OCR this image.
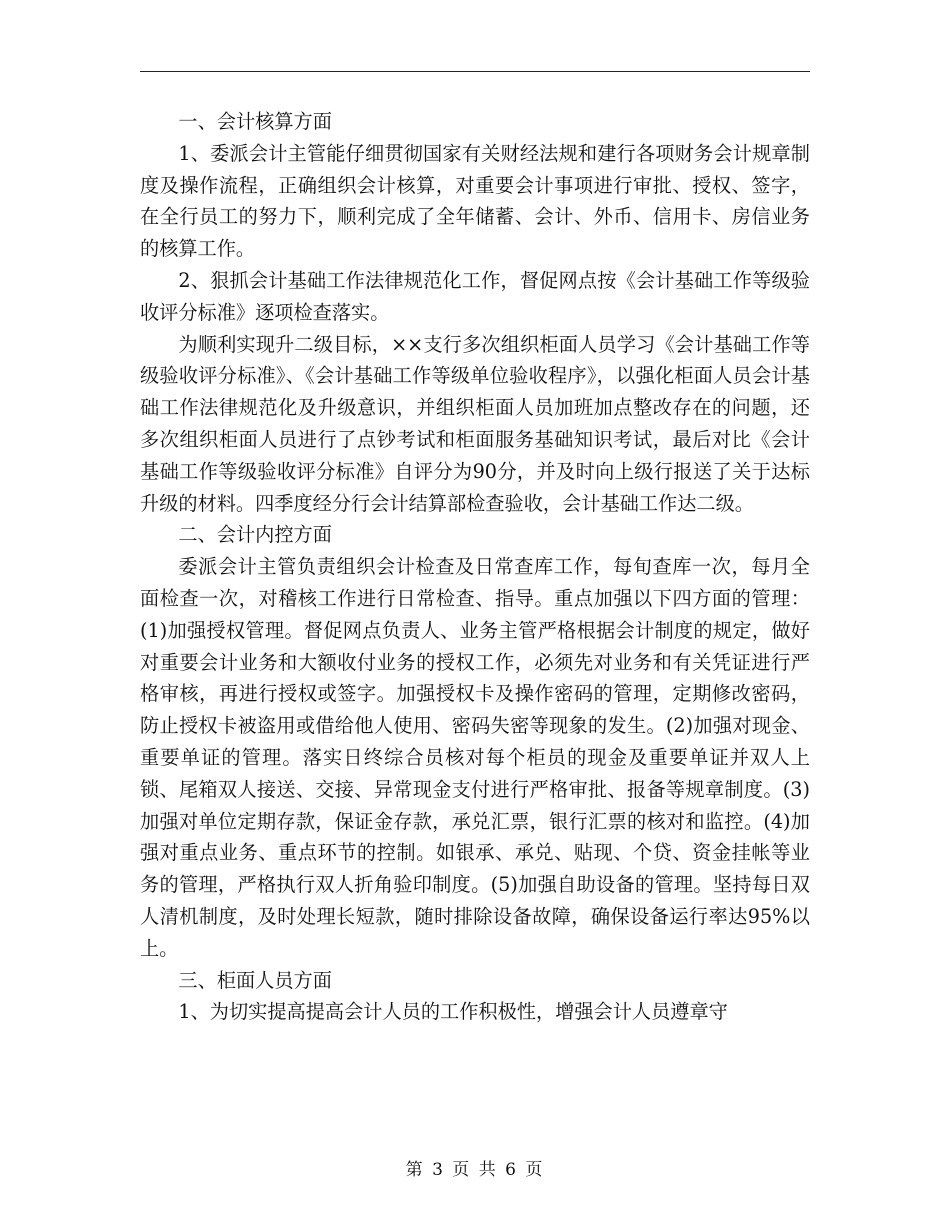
一、会计核算方面

1、委派会计主管能仔细贯彻国家有关财经法规和建行各项财务会计规章制度及操作流程，正确组织会计核算，对重要会计事项进行审批、授权、签字，在全行员工的努力下，顺利完成了全年储蓄、会计、外币、信用卡、房信业务的核算工作。

2、狠抓会计基础工作法律规范化工作，督促网点按《会计基础工作等级验收评分标准》逐项检查落实。

为顺利实现升二级目标，××支行多次组织柜面人员学习《会计基础工作等级验收评分标准》、《会计基础工作等级单位验收程序》，以强化柜面人员会计基础工作法律规范化及升级意识，并组织柜面人员加班加点整改存在的问题，还多次组织柜面人员进行了点钞考试和柜面服务基础知识考试，最后对比《会计基础工作等级验收评分标准》自评分为90分，并及时向上级行报送了关于达标升级的材料。四季度经分行会计结算部检查验收，会计基础工作达二级。

二、会计内控方面

委派会计主管负责组织会计检查及日常查库工作，每旬查库一次，每月全面检查一次，对稽核工作进行日常检查、指导。重点加强以下四方面的管理：(1)加强授权管理。督促网点负责人、业务主管严格根据会计制度的规定，做好对重要会计业务和大额收付业务的授权工作，必须先对业务和有关凭证进行严格审核，再进行授权或签字。加强授权卡及操作密码的管理，定期修改密码，防止授权卡被盗用或借给他人使用、密码失密等现象的发生。(2)加强对现金、重要单证的管理。落实日终综合员核对每个柜员的现金及重要单证并双人上锁、尾箱双人接送、交接、异常现金支付进行严格审批、报备等规章制度。(3)加强对单位定期存款，保证金存款，承兑汇票，银行汇票的核对和监控。(4)加强对重点业务、重点环节的控制。如银承、承兑、贴现、个贷、资金挂帐等业务的管理，严格执行双人折角验印制度。(5)加强自助设备的管理。坚持每日双人清机制度，及时处理长短款，随时排除设备故障，确保设备运行率达95%以上。

三、柜面人员方面

1、为切实提高提高会计人员的工作积极性，增强会计人员遵章守

第 3 页 共 6 页
